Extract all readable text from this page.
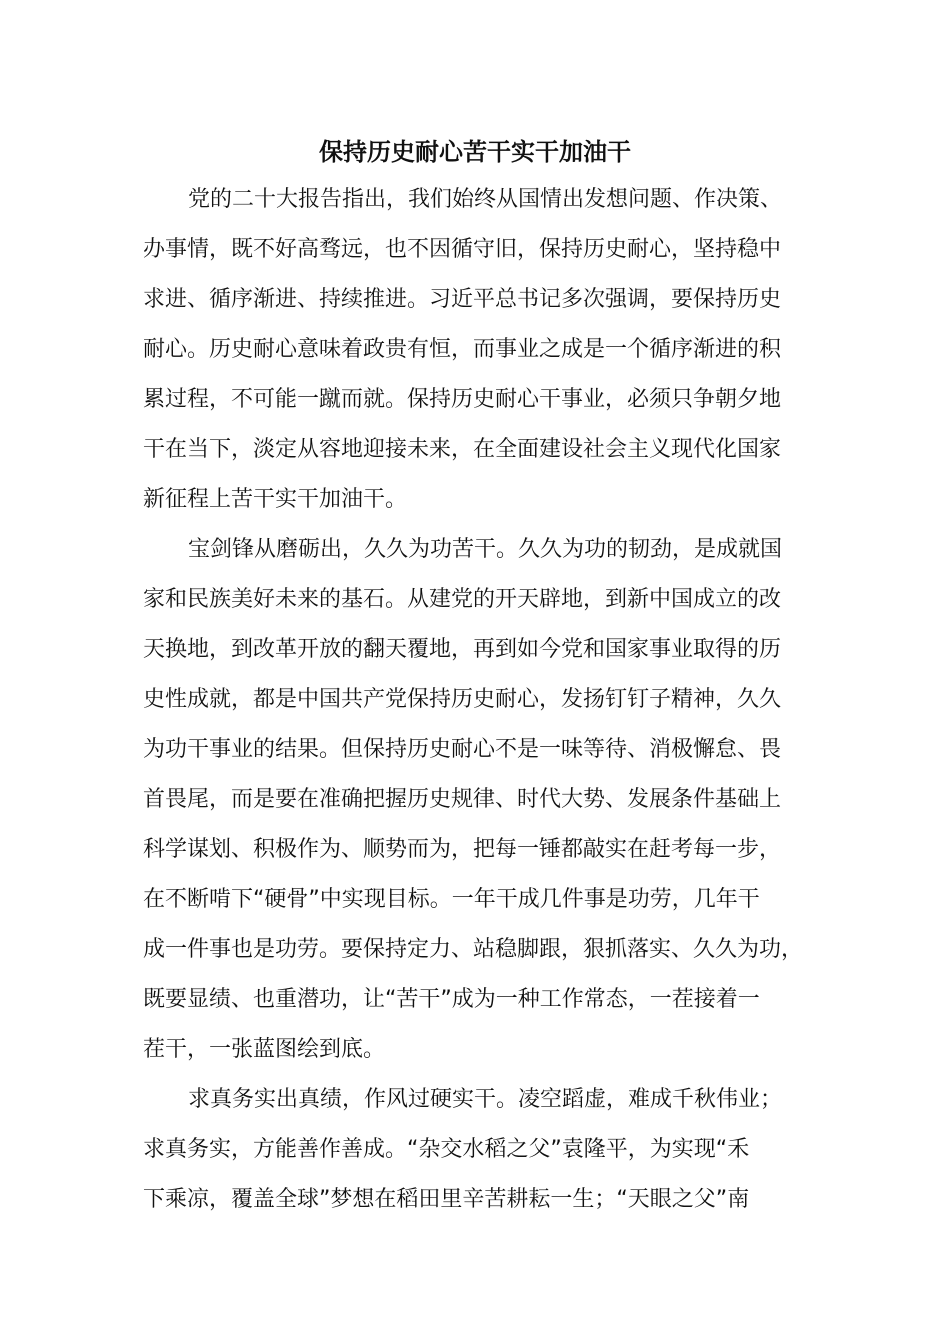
保持历史耐心苦干实干加油干

党的二十大报告指出，我们始终从国情出发想问题、作决策、

办事情，既不好高骛远，也不因循守旧，保持历史耐心，坚持稳中

求进、循序渐进、持续推进。习近平总书记多次强调，要保持历史

耐心。历史耐心意味着政贵有恒，而事业之成是一个循序渐进的积

累过程，不可能一蹴而就。保持历史耐心干事业，必须只争朝夕地

干在当下，淡定从容地迎接未来，在全面建设社会主义现代化国家

新征程上苦干实干加油干。

宝剑锋从磨砺出，久久为功苦干。久久为功的韧劲，是成就国

家和民族美好未来的基石。从建党的开天辟地，到新中国成立的改

天换地，到改革开放的翻天覆地，再到如今党和国家事业取得的历

史性成就，都是中国共产党保持历史耐心，发扬钉钉子精神，久久

为功干事业的结果。但保持历史耐心不是一味等待、消极懈怠、畏

首畏尾，而是要在准确把握历史规律、时代大势、发展条件基础上

科学谋划、积极作为、顺势而为，把每一锤都敲实在赶考每一步，

在不断啃下“硬骨”中实现目标。一年干成几件事是功劳，几年干

成一件事也是功劳。要保持定力、站稳脚跟，狠抓落实、久久为功，

既要显绩、也重潜功，让“苦干”成为一种工作常态，一茬接着一

茬干，一张蓝图绘到底。

求真务实出真绩，作风过硬实干。凌空蹈虚，难成千秋伟业；

求真务实，方能善作善成。“杂交水稻之父”袁隆平，为实现“禾

下乘凉，覆盖全球”梦想在稻田里辛苦耕耘一生；“天眼之父”南
